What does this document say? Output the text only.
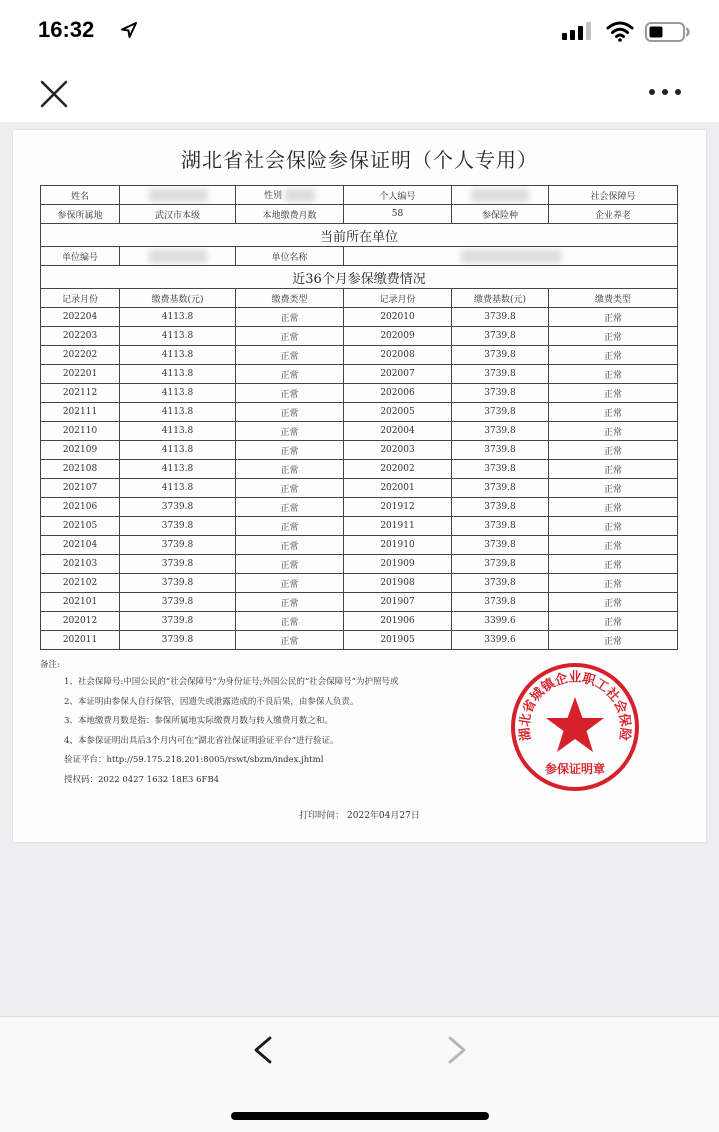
16:32
湖北省社会保险参保证明（个人专用）
姓名		性别	个人编号		社会保障号
参保所属地	武汉市本级	本地缴费月数	58	参保险种	企业养老
当前所在单位					
单位编号		单位名称			
近36个月参保缴费情况					
记录月份	缴费基数(元)	缴费类型	记录月份	缴费基数(元)	缴费类型
202204	4113.8	正常	202010	3739.8	正常
202203	4113.8	正常	202009	3739.8	正常
202202	4113.8	正常	202008	3739.8	正常
202201	4113.8	正常	202007	3739.8	正常
202112	4113.8	正常	202006	3739.8	正常
202111	4113.8	正常	202005	3739.8	正常
202110	4113.8	正常	202004	3739.8	正常
202109	4113.8	正常	202003	3739.8	正常
202108	4113.8	正常	202002	3739.8	正常
202107	4113.8	正常	202001	3739.8	正常
202106	3739.8	正常	201912	3739.8	正常
202105	3739.8	正常	201911	3739.8	正常
202104	3739.8	正常	201910	3739.8	正常
202103	3739.8	正常	201909	3739.8	正常
202102	3739.8	正常	201908	3739.8	正常
202101	3739.8	正常	201907	3739.8	正常
202012	3739.8	正常	201906	3399.6	正常
202011	3739.8	正常	201905	3399.6	正常
备注:
1、社会保障号:中国公民的“社会保障号”为身份证号;外国公民的“社会保障号”为护照号或
2、本证明由参保人自行保管，因遗失或泄露造成的不良后果，由参保人负责。
3、本地缴费月数是指：参保所属地实际缴费月数与转入缴费月数之和。
4、本参保证明出具后3个月内可在“湖北省社保证明验证平台”进行验证。
验证平台：http://59.175.218.201:8005/rswt/sbzm/index.jhtml
授权码：2022 0427 1632 18E3 6FB4
湖北省城镇企业职工社会保险
参保证明章
打印时间： 2022年04月27日
